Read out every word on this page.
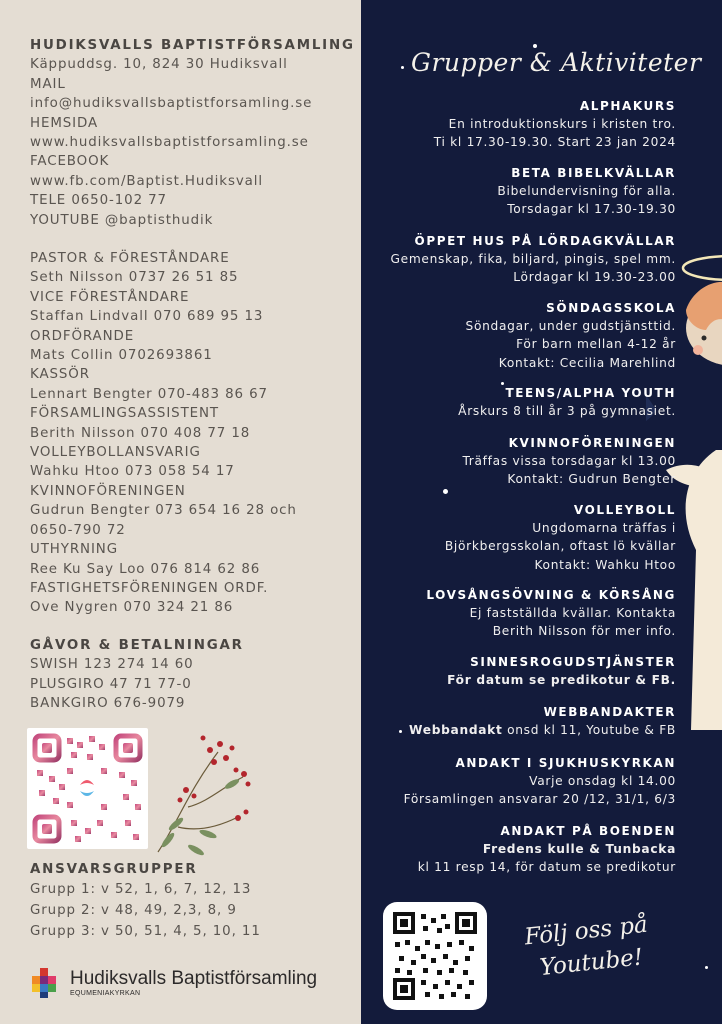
HUDIKSVALLS BAPTISTFÖRSAMLING
Käppuddsg. 10, 824 30 Hudiksvall
MAIL
info@hudiksvallsbaptistforsamling.se
HEMSIDA
www.hudiksvallsbaptistforsamling.se
FACEBOOK
www.fb.com/Baptist.Hudiksvall
TELE 0650-102 77
YOUTUBE @baptisthudik
PASTOR & FÖRESTÅNDARE
Seth Nilsson 0737 26 51 85
VICE FÖRESTÅNDARE
Staffan Lindvall 070 689 95 13
ORDFÖRANDE
Mats Collin 0702693861
KASSÖR
Lennart Bengter 070-483 86 67
FÖRSAMLINGSASSISTENT
Berith Nilsson 070 408 77 18
VOLLEYBOLLANSVARIG
Wahku Htoo 073 058 54 17
KVINNOFÖRENINGEN
Gudrun Bengter 073 654 16 28 och
0650-790 72
UTHYRNING
Ree Ku Say Loo 076 814 62 86
FASTIGHETSFÖRENINGEN ORDF.
Ove Nygren 070 324 21 86
GÅVOR & BETALNINGAR
SWISH 123 274 14 60
PLUSGIRO 47 71 77-0
BANKGIRO 676-9079
ANSVARSGRUPPER
Grupp 1: v 52, 1, 6, 7, 12, 13
Grupp 2: v 48, 49, 2,3, 8, 9
Grupp 3: v 50, 51, 4, 5, 10, 11
Hudiksvalls Baptistförsamling
EQUMENIAKYRKAN
Grupper & Aktiviteter
ALPHAKURS
En introduktionskurs i kristen tro.
Ti kl 17.30-19.30. Start 23 jan 2024
BETA BIBELKVÄLLAR
Bibelundervisning för alla.
Torsdagar kl 17.30-19.30
ÖPPET HUS PÅ LÖRDAGKVÄLLAR
Gemenskap, fika, biljard, pingis, spel mm.
Lördagar kl 19.30-23.00
SÖNDAGSSKOLA
Söndagar, under gudstjänsttid.
För barn mellan 4-12 år
Kontakt: Cecilia Marehlind
TEENS/ALPHA YOUTH
Årskurs 8 till år 3 på gymnasiet.
KVINNOFÖRENINGEN
Träffas vissa torsdagar kl 13.00
Kontakt: Gudrun Bengter
VOLLEYBOLL
Ungdomarna träffas i
Björkbergsskolan, oftast lö kvällar
Kontakt: Wahku Htoo
LOVSÅNGSÖVNING & KÖRSÅNG
Ej fastställda kvällar. Kontakta
Berith Nilsson för mer info.
SINNESROGUDSTJÄNSTER
För datum se predikotur & FB.
WEBBANDAKTER
Webbandakt onsd kl 11, Youtube & FB
ANDAKT I SJUKHUSKYRKAN
Varje onsdag kl 14.00
Församlingen ansvarar 20 /12, 31/1, 6/3
ANDAKT PÅ BOENDEN
Fredens kulle & Tunbacka
kl 11 resp 14, för datum se predikotur
Följ oss på
Youtube!
